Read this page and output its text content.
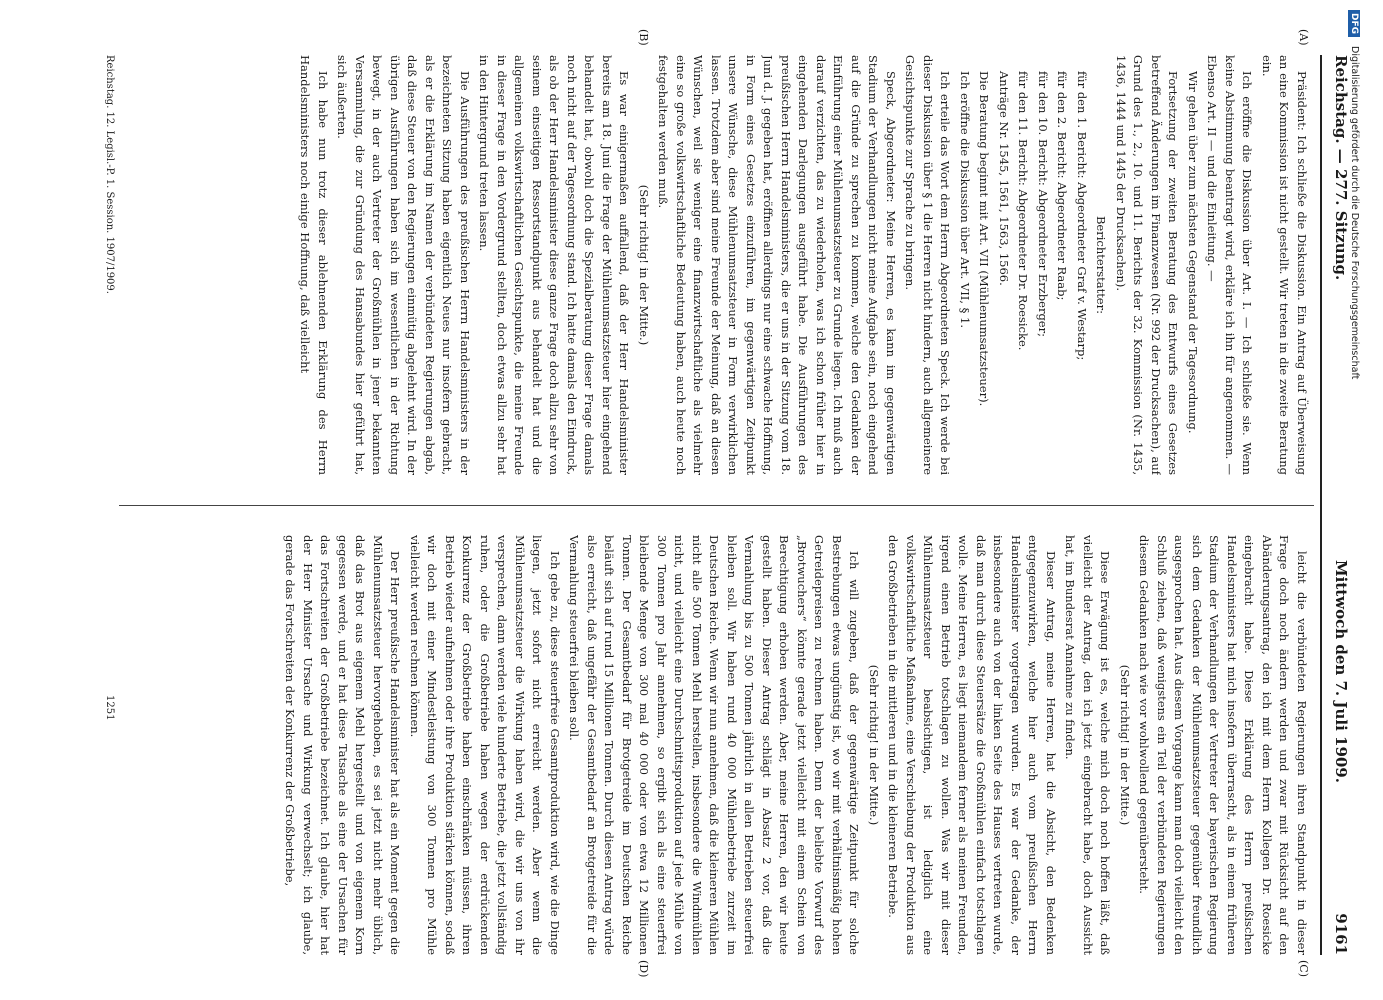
Reichstag. — 277. Sitzung.
Mittwoch den 7. Juli 1909.
9161
(A)
(B)
(C)
(D)

Präsident: Ich schließe die Diskussion. Ein Antrag auf Überweisung an eine Kommission ist nicht gestellt. Wir treten in die zweite Beratung ein.

Ich eröffne die Diskussion über Art. I. — Ich schließe sie. Wenn keine Abstimmung beantragt wird, erkläre ich ihn für angenommen. — Ebenso Art. II — und die Einleitung. —

Wir gehen über zum nächsten Gegenstand der Tagesordnung.

Fortsetzung der zweiten Beratung des Entwurfs eines Gesetzes betreffend Änderungen im Finanzwesen (Nr. 992 der Drucksachen), auf Grund des 1., 2., 10. und 11. Berichts der 32. Kommission (Nr. 1435, 1436, 1444 und 1445 der Drucksachen).

Berichterstatter:

für den 1. Bericht: Abgeordneter Graf v. Westarp;

für den 2. Bericht: Abgeordneter Raab;

für den 10. Bericht: Abgeordneter Erzberger;

für den 11. Bericht: Abgeordneter Dr. Roesicke.

Anträge Nr. 1545, 1561, 1563, 1566.

Die Beratung beginnt mit Art. VII (Mühlenumsatzsteuer).

Ich eröffne die Diskussion über Art. VII, § 1.

Ich erteile das Wort dem Herrn Abgeordneten Speck. Ich werde bei dieser Diskussion über § 1 die Herren nicht hindern, auch allgemeinere Gesichtspunkte zur Sprache zu bringen.

Speck, Abgeordneter: Meine Herren, es kann im gegenwärtigen Stadium der Verhandlungen nicht meine Aufgabe sein, noch eingehend auf die Gründe zu sprechen zu kommen, welche den Gedanken der Einführung einer Mühlenumsatzsteuer zu Grunde liegen. Ich muß auch darauf verzichten, das zu wiederholen, was ich schon früher hier in eingehenden Darlegungen ausgeführt habe. Die Ausführungen des preußischen Herrn Handelsministers, die er uns in der Sitzung vom 18. Juni d. J. gegeben hat, eröffnen allerdings nur eine schwache Hoffnung, in Form eines Gesetzes einzuführen, im gegenwärtigen Zeitpunkt unsere Wünsche, diese Mühlenumsatzsteuer in Form verwirklichen lassen. Trotzdem aber sind meine Freunde der Meinung, daß an diesen Wünschen, weil sie weniger eine finanzwirtschaftliche als vielmehr eine so große volkswirtschaftliche Bedeutung haben, auch heute noch festgehalten werden muß.

(Sehr richtig! in der Mitte.)

Es war einigermaßen auffallend, daß der Herr Handelsminister bereits am 18. Juni die Frage der Mühlenumsatzsteuer hier eingehend behandelt hat, obwohl doch die Spezialberatung dieser Frage damals noch nicht auf der Tagesordnung stand. Ich hatte damals den Eindruck, als ob der Herr Handelsminister diese ganze Frage doch allzu sehr von seinem einseitigen Ressortstandpunkt aus behandelt hat und die allgemeinen volkswirtschaftlichen Gesichtspunkte, die meine Freunde in dieser Frage in den Vordergrund stellten, doch etwas allzu sehr hat in den Hintergrund treten lassen.

Die Ausführungen des preußischen Herrn Handelsministers in der bezeichneten Sitzung haben eigentlich Neues nur insofern gebracht, als er die Erklärung im Namen der verbündeten Regierungen abgab, daß diese Steuer von den Regierungen einmütig abgelehnt wird. In der übrigen Ausführungen haben sich im wesentlichen in der Richtung bewegt, in der auch Vertreter der Großmühlen in jener bekannten Versammlung, die zur Gründung des Hansabundes hier geführt hat, sich äußerten.

Ich habe nun trotz dieser ablehnenden Erklärung des Herrn Handelsministers noch einige Hoffnung, daß vielleicht

leicht die verbündeten Regierungen ihren Standpunkt in dieser Frage doch noch ändern werden und zwar mit Rücksicht auf den Abänderungsantrag, den ich mit dem Herrn Kollegen Dr. Roesicke eingebracht habe. Diese Erklärung des Herrn preußischen Handelsministers hat mich insofern überrascht, als in einem früheren Stadium der Verhandlungen der Vertreter der bayerischen Regierung sich dem Gedanken der Mühlenumsatzsteuer gegenüber freundlich ausgesprochen hat. Aus diesem Vorgange kann man doch vielleicht den Schluß ziehen, daß wenigstens ein Teil der verbündeten Regierungen diesem Gedanken nach wie vor wohlwollend gegenübersteht.

(Sehr richtig! in der Mitte.)

Diese Erwägung ist es, welche mich doch noch hoffen läßt, daß vielleicht der Antrag, den ich jetzt eingebracht habe, doch Aussicht hat, im Bundesrat Annahme zu finden.

Dieser Antrag, meine Herren, hat die Absicht, den Bedenken entgegenzuwirken, welche hier auch vom preußischen Herrn Handelsminister vorgetragen wurden. Es war der Gedanke, der insbesondere auch von der linken Seite des Hauses vertreten wurde, daß man durch diese Steuersätze die Großmühlen einfach totschlagen wolle. Meine Herren, es liegt niemandem ferner als meinen Freunden, irgend einen Betrieb totschlagen zu wollen. Was wir mit dieser Mühlenumsatzsteuer beabsichtigen, ist lediglich eine volkswirtschaftliche Maßnahme, eine Verschiebung der Produktion aus den Großbetrieben in die mittleren und in die kleineren Betriebe.

(Sehr richtig! in der Mitte.)

Ich will zugeben, daß der gegenwärtige Zeitpunkt für solche Bestrebungen etwas ungünstig ist, wo wir mit verhältnismäßig hohen Getreidepreisen zu rechnen haben. Denn der beliebte Vorwurf des „Brotwuchers“ könnte gerade jetzt vielleicht mit einem Schein von Berechtigung erhoben werden. Aber, meine Herren, den wir heute gestellt haben. Dieser Antrag schlägt in Absatz 2 vor, daß die Vermahlung bis zu 500 Tonnen jährlich in allen Betrieben steuerfrei bleiben soll. Wir haben rund 40 000 Mühlenbetriebe zurzeit im Deutschen Reiche. Wenn wir nun annehmen, daß die kleineren Mühlen nicht alle 500 Tonnen Mehl herstellen, insbesondere die Windmühlen nicht, und vielleicht eine Durchschnittsproduktion auf jede Mühle von 300 Tonnen pro Jahr annehmen, so ergibt sich als eine steuerfrei bleibende Menge von 300 mal 40 000 oder von etwa 12 Millionen Tonnen. Der Gesamtbedarf für Brotgetreide im Deutschen Reiche beläuft sich auf rund 15 Millionen Tonnen. Durch diesen Antrag würde also erreicht, daß ungefähr der Gesamtbedarf an Brotgetreide für die Vermahlung steuerfrei bleiben soll.

Ich gebe zu, diese steuerfreie Gesamtproduktion wird, wie die Dinge liegen, jetzt sofort nicht erreicht werden. Aber wenn die Mühlenumsatzsteuer die Wirkung haben wird, die wir uns von ihr versprechen, dann werden viele hunderte Betriebe, die jetzt vollständig ruhen, oder die Großbetriebe haben wegen der erdrückenden Konkurrenz der Großbetriebe haben einschränken müssen, ihren Betrieb wieder aufnehmen oder ihre Produktion stärken können, sodaß wir doch mit einer Mindestleistung von 300 Tonnen pro Mühle vielleicht werden rechnen können.

Der Herr preußische Handelsminister hat als ein Moment gegen die Mühlenumsatzsteuer hervorgehoben, es sei jetzt nicht mehr üblich, daß das Brot aus eigenem Mehl hergestellt und von eigenem Korn gegessen werde, und er hat diese Tatsache als eine der Ursachen für das Fortschreiten der Großbetriebe bezeichnet. Ich glaube, hier hat der Herr Minister Ursache und Wirkung verwechselt; ich glaube, gerade das Fortschreiten der Konkurrenz der Großbetriebe,

Reichstag. 12. Legisl.-P. 1. Session. 1907/1909.
1251
DFG Digitalisierung gefördert durch die Deutsche Forschungsgemeinschaft
